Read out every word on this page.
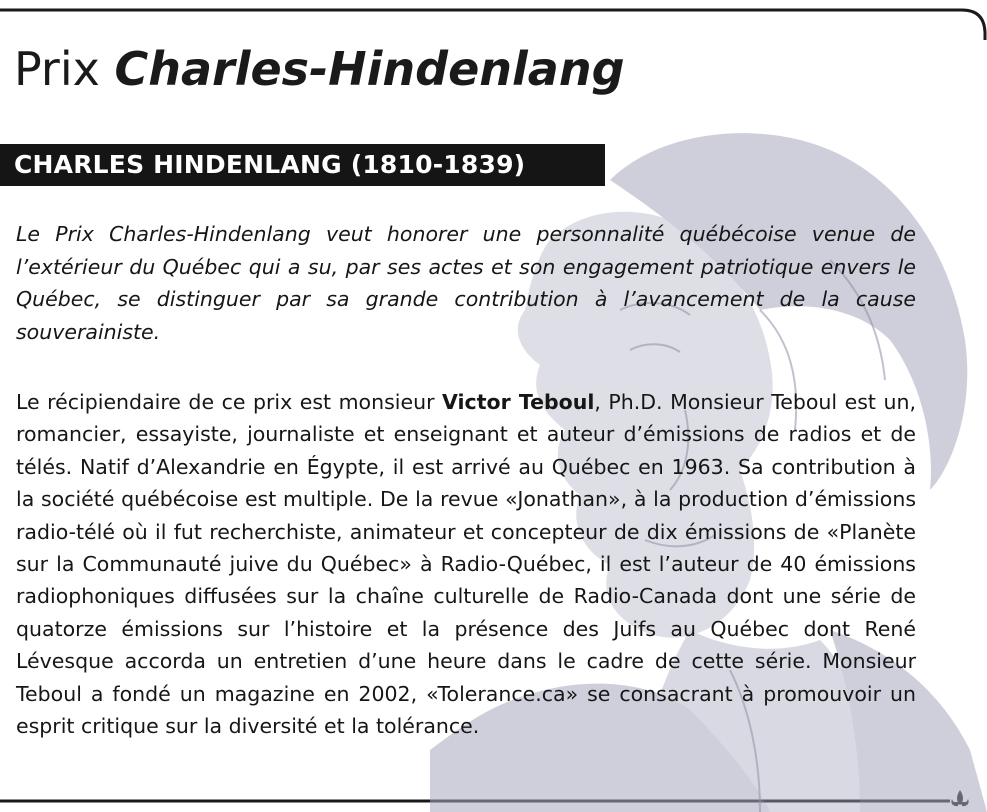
Prix Charles-Hindenlang
CHARLES HINDENLANG (1810-1839)

Le Prix Charles-Hindenlang veut honorer une personnalité québécoise venue de l’extérieur du Québec qui a su, par ses actes et son engagement patriotique envers le Québec, se distinguer par sa grande contribution à l’avancement de la cause souverainiste.

Le récipiendaire de ce prix est monsieur Victor Teboul, Ph.D. Monsieur Teboul est un, romancier, essayiste, journaliste et enseignant et auteur d’émissions de radios et de télés. Natif d’Alexandrie en Égypte, il est arrivé au Québec en 1963. Sa contribution à la société québécoise est multiple. De la revue «Jonathan», à la production d’émissions radio-télé où il fut recherchiste, animateur et concepteur de dix émissions de «Planète sur la Communauté juive du Québec» à Radio-Québec, il est l’auteur de 40 émissions radiophoniques diffusées sur la chaîne culturelle de Radio-Canada dont une série de quatorze émissions sur l’histoire et la présence des Juifs au Québec dont René Lévesque accorda un entretien d’une heure dans le cadre de cette série. Monsieur Teboul a fondé un magazine en 2002, «Tolerance.ca» se consacrant à promouvoir un esprit critique sur la diversité et la tolérance.
